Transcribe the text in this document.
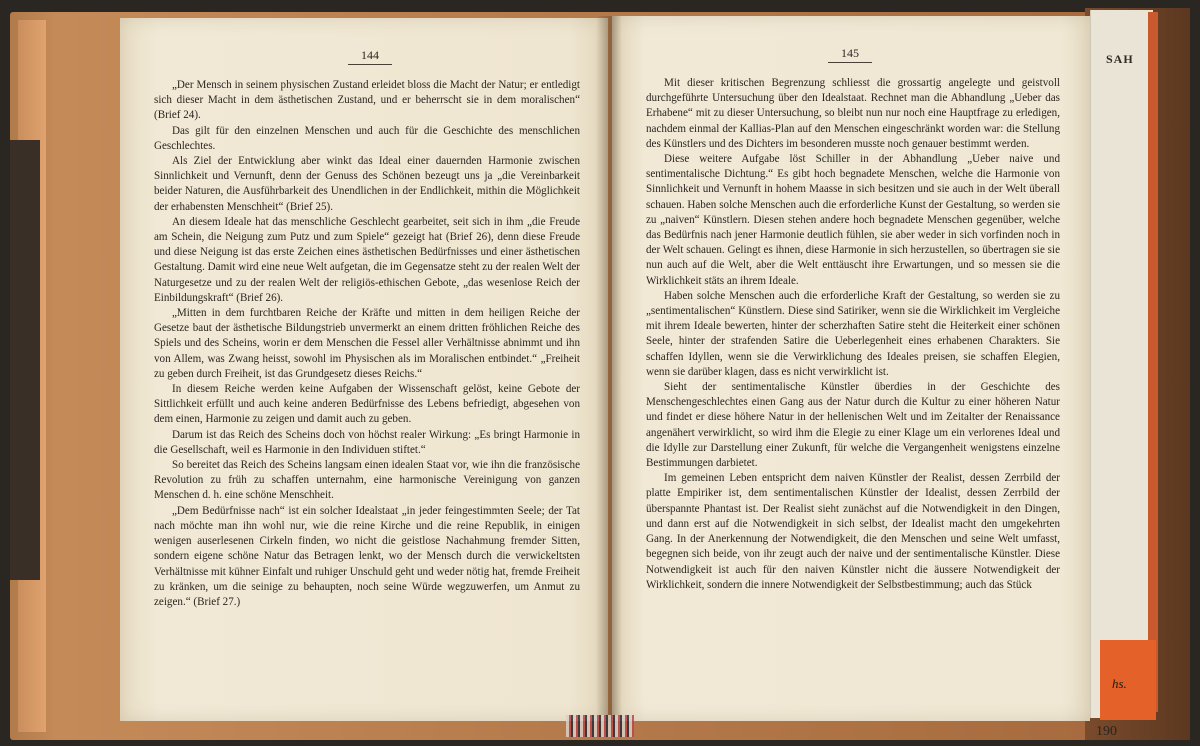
SAH
hs.
190
144

„Der Mensch in seinem physischen Zustand erleidet bloss die Macht der Natur; er entledigt sich dieser Macht in dem ästhetischen Zustand, und er beherrscht sie in dem moralischen“ (Brief 24).

Das gilt für den einzelnen Menschen und auch für die Geschichte des menschlichen Geschlechtes.

Als Ziel der Entwicklung aber winkt das Ideal einer dauernden Harmonie zwischen Sinnlichkeit und Vernunft, denn der Genuss des Schönen bezeugt uns ja „die Vereinbarkeit beider Naturen, die Ausführbarkeit des Unendlichen in der Endlichkeit, mithin die Möglichkeit der erhabensten Menschheit“ (Brief 25).

An diesem Ideale hat das menschliche Geschlecht gearbeitet, seit sich in ihm „die Freude am Schein, die Neigung zum Putz und zum Spiele“ gezeigt hat (Brief 26), denn diese Freude und diese Neigung ist das erste Zeichen eines ästhetischen Bedürfnisses und einer ästhetischen Gestaltung. Damit wird eine neue Welt aufgetan, die im Gegensatze steht zu der realen Welt der Naturgesetze und zu der realen Welt der religiös-ethischen Gebote, „das wesenlose Reich der Einbildungskraft“ (Brief 26).

„Mitten in dem furchtbaren Reiche der Kräfte und mitten in dem heiligen Reiche der Gesetze baut der ästhetische Bildungstrieb unvermerkt an einem dritten fröhlichen Reiche des Spiels und des Scheins, worin er dem Menschen die Fessel aller Verhältnisse abnimmt und ihn von Allem, was Zwang heisst, sowohl im Physischen als im Moralischen entbindet.“ „Freiheit zu geben durch Freiheit, ist das Grundgesetz dieses Reichs.“

In diesem Reiche werden keine Aufgaben der Wissenschaft gelöst, keine Gebote der Sittlichkeit erfüllt und auch keine anderen Bedürfnisse des Lebens befriedigt, abgesehen von dem einen, Harmonie zu zeigen und damit auch zu geben.

Darum ist das Reich des Scheins doch von höchst realer Wirkung: „Es bringt Harmonie in die Gesellschaft, weil es Harmonie in den Individuen stiftet.“

So bereitet das Reich des Scheins langsam einen idealen Staat vor, wie ihn die französische Revolution zu früh zu schaffen unternahm, eine harmonische Vereinigung von ganzen Menschen d. h. eine schöne Menschheit.

„Dem Bedürfnisse nach“ ist ein solcher Idealstaat „in jeder feingestimmten Seele; der Tat nach möchte man ihn wohl nur, wie die reine Kirche und die reine Republik, in einigen wenigen auserlesenen Cirkeln finden, wo nicht die geistlose Nachahmung fremder Sitten, sondern eigene schöne Natur das Betragen lenkt, wo der Mensch durch die verwickeltsten Verhältnisse mit kühner Einfalt und ruhiger Unschuld geht und weder nötig hat, fremde Freiheit zu kränken, um die seinige zu behaupten, noch seine Würde wegzuwerfen, um Anmut zu zeigen.“ (Brief 27.)

145

Mit dieser kritischen Begrenzung schliesst die grossartig angelegte und geistvoll durchgeführte Untersuchung über den Idealstaat. Rechnet man die Abhandlung „Ueber das Erhabene“ mit zu dieser Untersuchung, so bleibt nun nur noch eine Hauptfrage zu erledigen, nachdem einmal der Kallias-Plan auf den Menschen eingeschränkt worden war: die Stellung des Künstlers und des Dichters im besonderen musste noch genauer bestimmt werden.

Diese weitere Aufgabe löst Schiller in der Abhandlung „Ueber naive und sentimentalische Dichtung.“ Es gibt hoch begnadete Menschen, welche die Harmonie von Sinnlichkeit und Vernunft in hohem Maasse in sich besitzen und sie auch in der Welt überall schauen. Haben solche Menschen auch die erforderliche Kunst der Gestaltung, so werden sie zu „naiven“ Künstlern. Diesen stehen andere hoch begnadete Menschen gegenüber, welche das Bedürfnis nach jener Harmonie deutlich fühlen, sie aber weder in sich vorfinden noch in der Welt schauen. Gelingt es ihnen, diese Harmonie in sich herzustellen, so übertragen sie sie nun auch auf die Welt, aber die Welt enttäuscht ihre Erwartungen, und so messen sie die Wirklichkeit stäts an ihrem Ideale.

Haben solche Menschen auch die erforderliche Kraft der Gestaltung, so werden sie zu „sentimentalischen“ Künstlern. Diese sind Satiriker, wenn sie die Wirklichkeit im Vergleiche mit ihrem Ideale bewerten, hinter der scherzhaften Satire steht die Heiterkeit einer schönen Seele, hinter der strafenden Satire die Ueberlegenheit eines erhabenen Charakters. Sie schaffen Idyllen, wenn sie die Verwirklichung des Ideales preisen, sie schaffen Elegien, wenn sie darüber klagen, dass es nicht verwirklicht ist.

Sieht der sentimentalische Künstler überdies in der Geschichte des Menschengeschlechtes einen Gang aus der Natur durch die Kultur zu einer höheren Natur und findet er diese höhere Natur in der hellenischen Welt und im Zeitalter der Renaissance angenähert verwirklicht, so wird ihm die Elegie zu einer Klage um ein verlorenes Ideal und die Idylle zur Darstellung einer Zukunft, für welche die Vergangenheit wenigstens einzelne Bestimmungen darbietet.

Im gemeinen Leben entspricht dem naiven Künstler der Realist, dessen Zerrbild der platte Empiriker ist, dem sentimentalischen Künstler der Idealist, dessen Zerrbild der überspannte Phantast ist. Der Realist sieht zunächst auf die Notwendigkeit in den Dingen, und dann erst auf die Notwendigkeit in sich selbst, der Idealist macht den umgekehrten Gang. In der Anerkennung der Notwendigkeit, die den Menschen und seine Welt umfasst, begegnen sich beide, von ihr zeugt auch der naive und der sentimentalische Künstler. Diese Notwendigkeit ist auch für den naiven Künstler nicht die äussere Notwendigkeit der Wirklichkeit, sondern die innere Notwendigkeit der Selbstbestimmung; auch das Stück
